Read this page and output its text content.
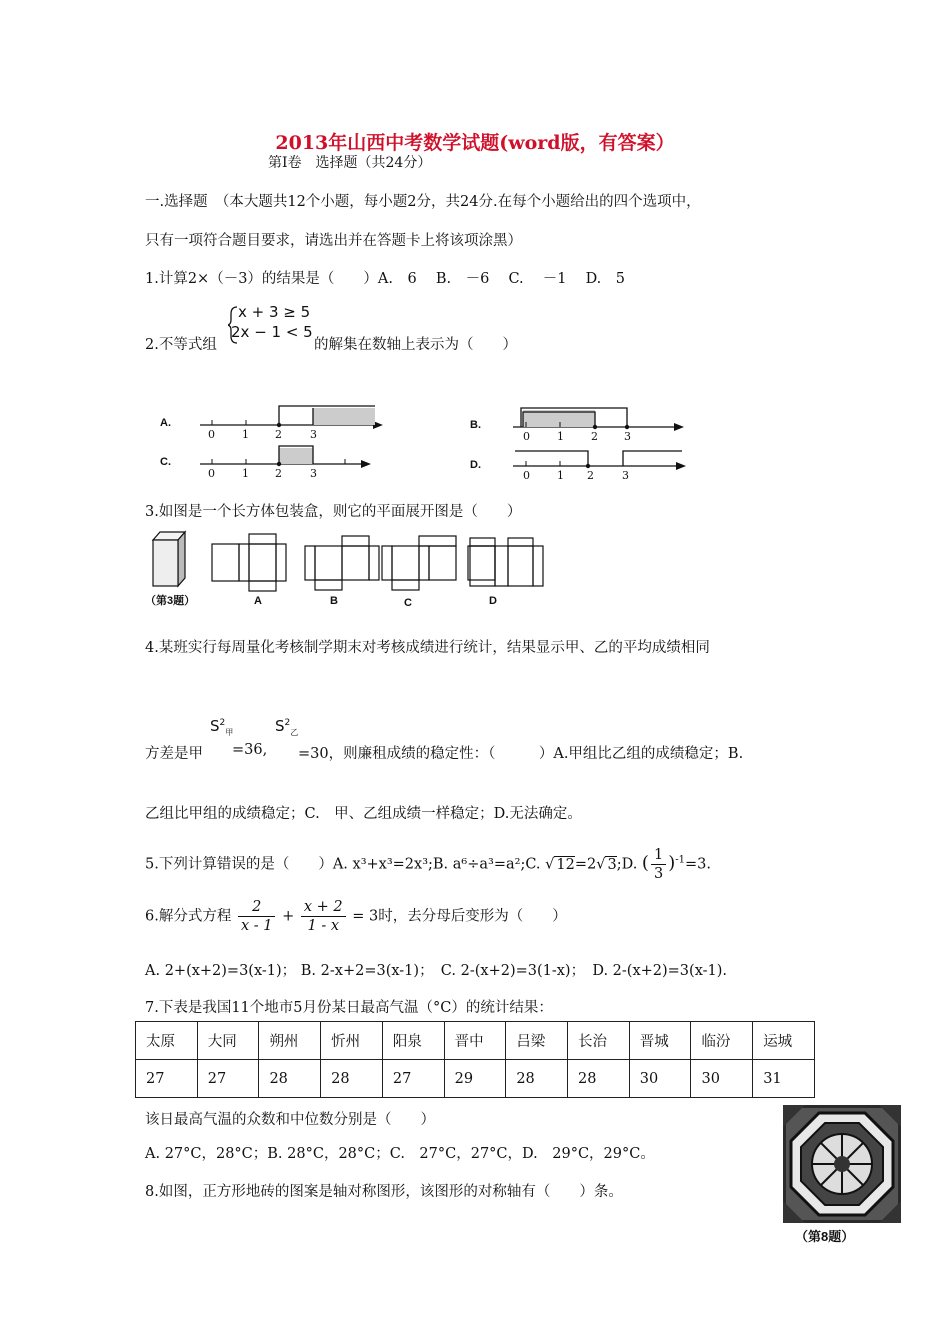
2013年山西中考数学试题(word版，有答案）
第Ⅰ卷　选择题（共24分）
一.选择题　（本大题共12个小题，每小题2分，共24分.在每个小题给出的四个选项中，
只有一项符合题目要求，请选出并在答题卡上将该项涂黑）
1.计算2×（－3）的结果是（　　）A.　6　 B.　－6　 C.　 －1　 D.　5
x + 3 ≥ 5
2x − 1 < 5
2.不等式组	的解集在数轴上表示为（　　）
A.	B.
C.	D.
0 1 2	3	0 1 2 3
0 1 2	3	0 1 2	3
3.如图是一个长方体包装盒，则它的平面展开图是（　　）
（第3题）	A	B	C	D
4.某班实行每周量化考核制学期末对考核成绩进行统计，结果显示甲、乙的平均成绩相同
$S^2_甲$	$S^2_乙$
方差是甲 =36, =30，则廉租成绩的稳定性：（　　　）A.甲组比乙组的成绩稳定；B.
乙组比甲组的成绩稳定；C.　甲、乙组成绩一样稳定；D.无法确定。
5.下列计算错误的是（　　）A. x³+x³=2x³;B. a⁶÷a³=a²;C. √ 12=2√ 3;D. ( $\frac{1}{3} )^{-1}=3$.
6.解分式方程 $\frac{2}{x - 1} + \frac{x + 2}{1 - x} = 3$时，去分母后变形为（　　）
A. 2+(x+2)=3(x-1)； B. 2-x+2=3(x-1)；　C. 2-(x+2)=3(1-x)；　D. 2-(x+2)=3(x-1).
7.下表是我国11个地市5月份某日最高气温（°C）的统计结果：
太原	大同	朔州	忻州	阳泉	晋中	吕梁	长治	晋城	临汾	运城
27	27	28	28	27	29	28	28	30	30	31
该日最高气温的众数和中位数分别是（　　）
A. 27°C，28°C；B. 28°C，28°C；C.　27°C，27°C，D.　29°C，29°C。
8.如图，正方形地砖的图案是轴对称图形，该图形的对称轴有（　　）条。
（第8题）
